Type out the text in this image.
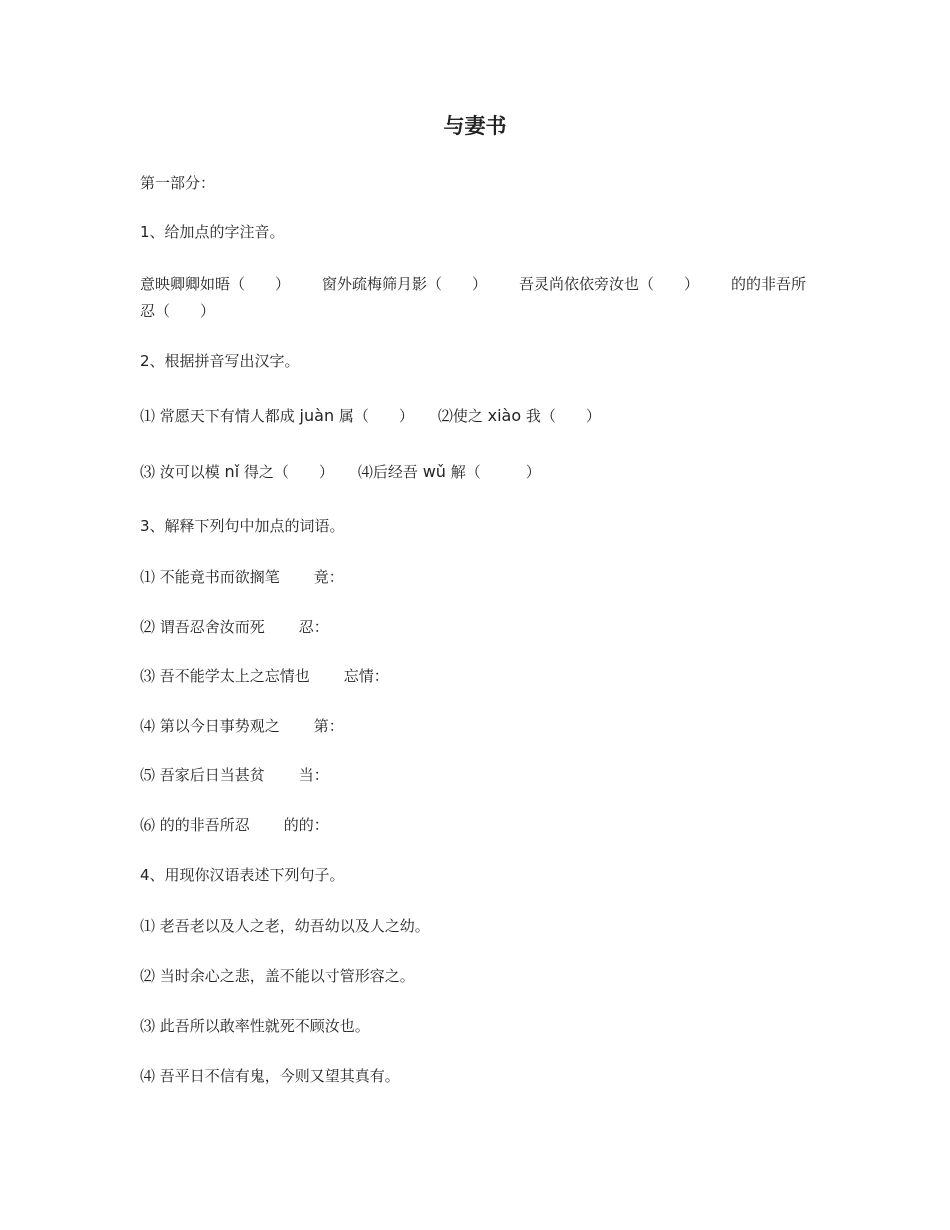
与妻书
第一部分：
1、给加点的字注音。
意映卿卿如晤（　　） 窗外疏梅筛月影（　　） 吾灵尚依依旁汝也（　　） 的的非吾所
忍（　　）
2、根据拼音写出汉字。
⑴ 常愿天下有情人都成 juàn 属（　　） ⑵使之 xiào 我（　　）
⑶ 汝可以模 nǐ 得之（　　） ⑷后经吾 wǔ 解（　　　）
3、解释下列句中加点的词语。
⑴ 不能竟书而欲搁笔 竟：
⑵ 谓吾忍舍汝而死 忍：
⑶ 吾不能学太上之忘情也 忘情：
⑷ 第以今日事势观之 第：
⑸ 吾家后日当甚贫 当：
⑹ 的的非吾所忍 的的：
4、用现你汉语表述下列句子。
⑴ 老吾老以及人之老，幼吾幼以及人之幼。
⑵ 当时余心之悲，盖不能以寸管形容之。
⑶ 此吾所以敢率性就死不顾汝也。
⑷ 吾平日不信有鬼，今则又望其真有。
